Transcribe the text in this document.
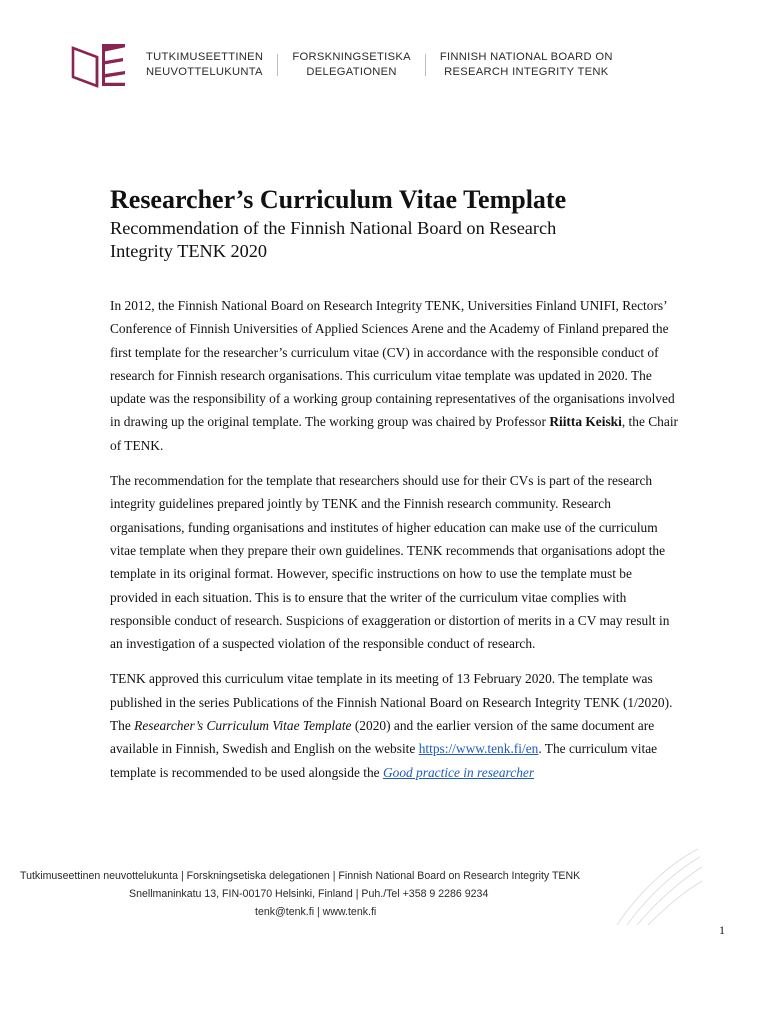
TUTKIMUSEETTINEN
NEUVOTTELUKUNTA
FORSKNINGSETISKA
DELEGATIONEN
FINNISH NATIONAL BOARD ON
RESEARCH INTEGRITY TENK
Researcher’s Curriculum Vitae Template

Recommendation of the Finnish National Board on Research
Integrity TENK 2020

In 2012, the Finnish National Board on Research Integrity TENK, Universities Finland UNIFI, Rectors’ Conference of Finnish Universities of Applied Sciences Arene and the Academy of Finland prepared the first template for the researcher’s curriculum vitae (CV) in accordance with the responsible conduct of research for Finnish research organisations. This curriculum vitae template was updated in 2020. The update was the responsibility of a working group containing representatives of the organisations involved in drawing up the original template. The working group was chaired by Professor Riitta Keiski, the Chair of TENK.

The recommendation for the template that researchers should use for their CVs is part of the research integrity guidelines prepared jointly by TENK and the Finnish research community. Research organisations, funding organisations and institutes of higher education can make use of the curriculum vitae template when they prepare their own guidelines. TENK recommends that organisations adopt the template in its original format. However, specific instructions on how to use the template must be provided in each situation. This is to ensure that the writer of the curriculum vitae complies with responsible conduct of research. Suspicions of exaggeration or distortion of merits in a CV may result in an investigation of a suspected violation of the responsible conduct of research.

TENK approved this curriculum vitae template in its meeting of 13 February 2020. The template was published in the series Publications of the Finnish National Board on Research Integrity TENK (1/2020). The Researcher’s Curriculum Vitae Template (2020) and the earlier version of the same document are available in Finnish, Swedish and English on the website https://www.tenk.fi/en. The curriculum vitae template is recommended to be used alongside the Good practice in researcher

Tutkimuseettinen neuvottelukunta | Forskningsetiska delegationen | Finnish National Board on Research Integrity TENK
Snellmaninkatu 13, FIN-00170 Helsinki, Finland | Puh./Tel +358 9 2286 9234
tenk@tenk.fi | www.tenk.fi
1
